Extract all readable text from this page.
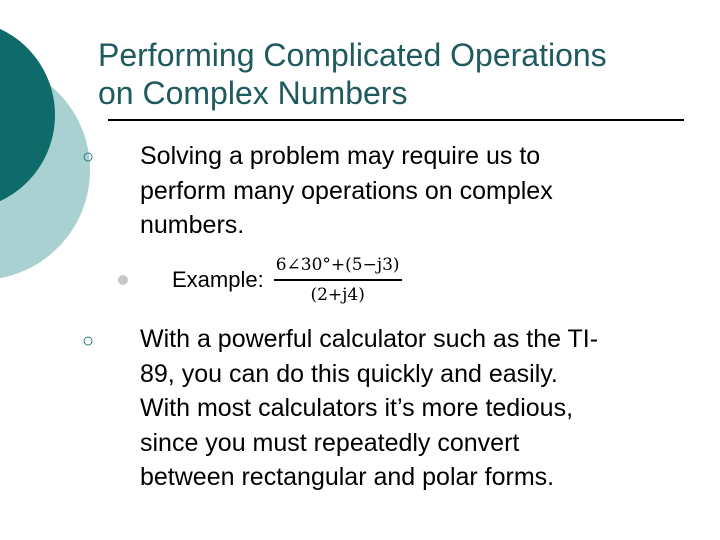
Performing Complicated Operations
on Complex Numbers
○ Solving a problem may require us to
perform many operations on complex
numbers.
Example: $\frac{6\angle 30^\circ+(5-j3)}{(2+j4)}$
○ With a powerful calculator such as the TI-
89, you can do this quickly and easily.
With most calculators it’s more tedious,
since you must repeatedly convert
between rectangular and polar forms.
